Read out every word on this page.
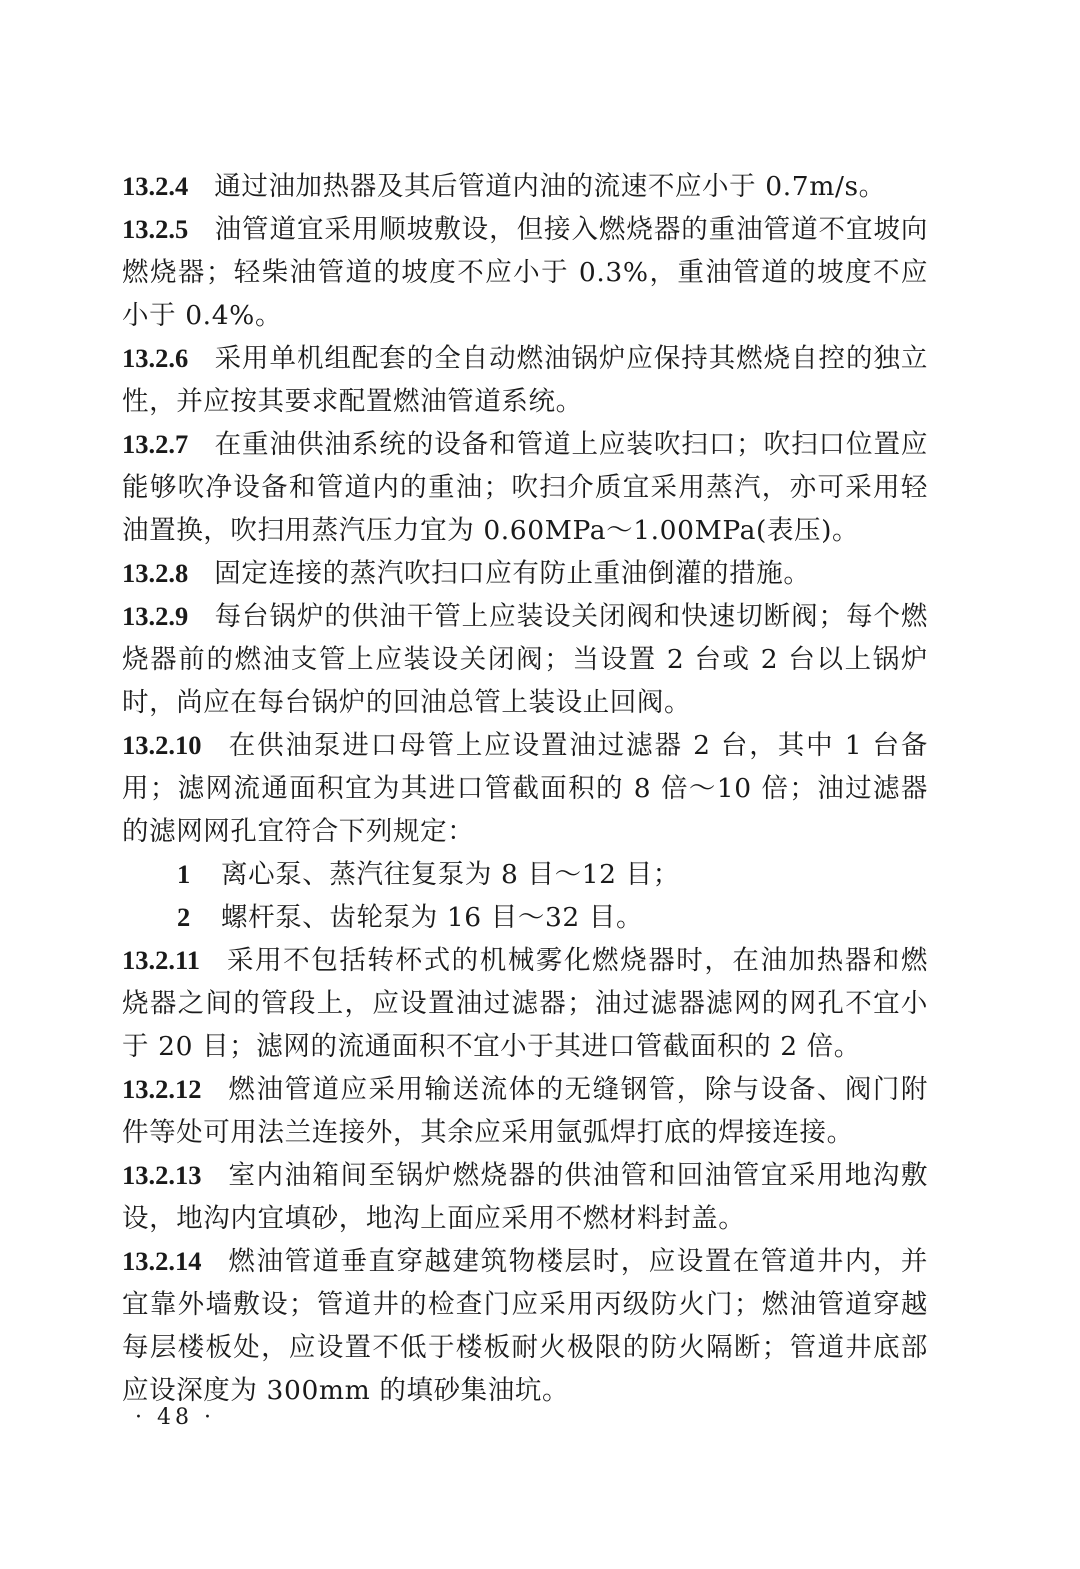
13.2.4 通过油加热器及其后管道内油的流速不应小于 0.7m/s。

13.2.5 油管道宜采用顺坡敷设，但接入燃烧器的重油管道不宜坡向燃烧器；轻柴油管道的坡度不应小于 0.3%，重油管道的坡度不应小于 0.4%。

13.2.6 采用单机组配套的全自动燃油锅炉应保持其燃烧自控的独立性，并应按其要求配置燃油管道系统。

13.2.7 在重油供油系统的设备和管道上应装吹扫口；吹扫口位置应能够吹净设备和管道内的重油；吹扫介质宜采用蒸汽，亦可采用轻油置换，吹扫用蒸汽压力宜为 0.60MPa～1.00MPa(表压)。

13.2.8 固定连接的蒸汽吹扫口应有防止重油倒灌的措施。

13.2.9 每台锅炉的供油干管上应装设关闭阀和快速切断阀；每个燃烧器前的燃油支管上应装设关闭阀；当设置 2 台或 2 台以上锅炉时，尚应在每台锅炉的回油总管上装设止回阀。

13.2.10 在供油泵进口母管上应设置油过滤器 2 台，其中 1 台备用；滤网流通面积宜为其进口管截面积的 8 倍～10 倍；油过滤器的滤网网孔宜符合下列规定：

1 离心泵、蒸汽往复泵为 8 目～12 目；

2 螺杆泵、齿轮泵为 16 目～32 目。

13.2.11 采用不包括转杯式的机械雾化燃烧器时，在油加热器和燃烧器之间的管段上，应设置油过滤器；油过滤器滤网的网孔不宜小于 20 目；滤网的流通面积不宜小于其进口管截面积的 2 倍。

13.2.12 燃油管道应采用输送流体的无缝钢管，除与设备、阀门附件等处可用法兰连接外，其余应采用氩弧焊打底的焊接连接。

13.2.13 室内油箱间至锅炉燃烧器的供油管和回油管宜采用地沟敷设，地沟内宜填砂，地沟上面应采用不燃材料封盖。

13.2.14 燃油管道垂直穿越建筑物楼层时，应设置在管道井内，并宜靠外墙敷设；管道井的检查门应采用丙级防火门；燃油管道穿越每层楼板处，应设置不低于楼板耐火极限的防火隔断；管道井底部应设深度为 300mm 的填砂集油坑。

· 48 ·
